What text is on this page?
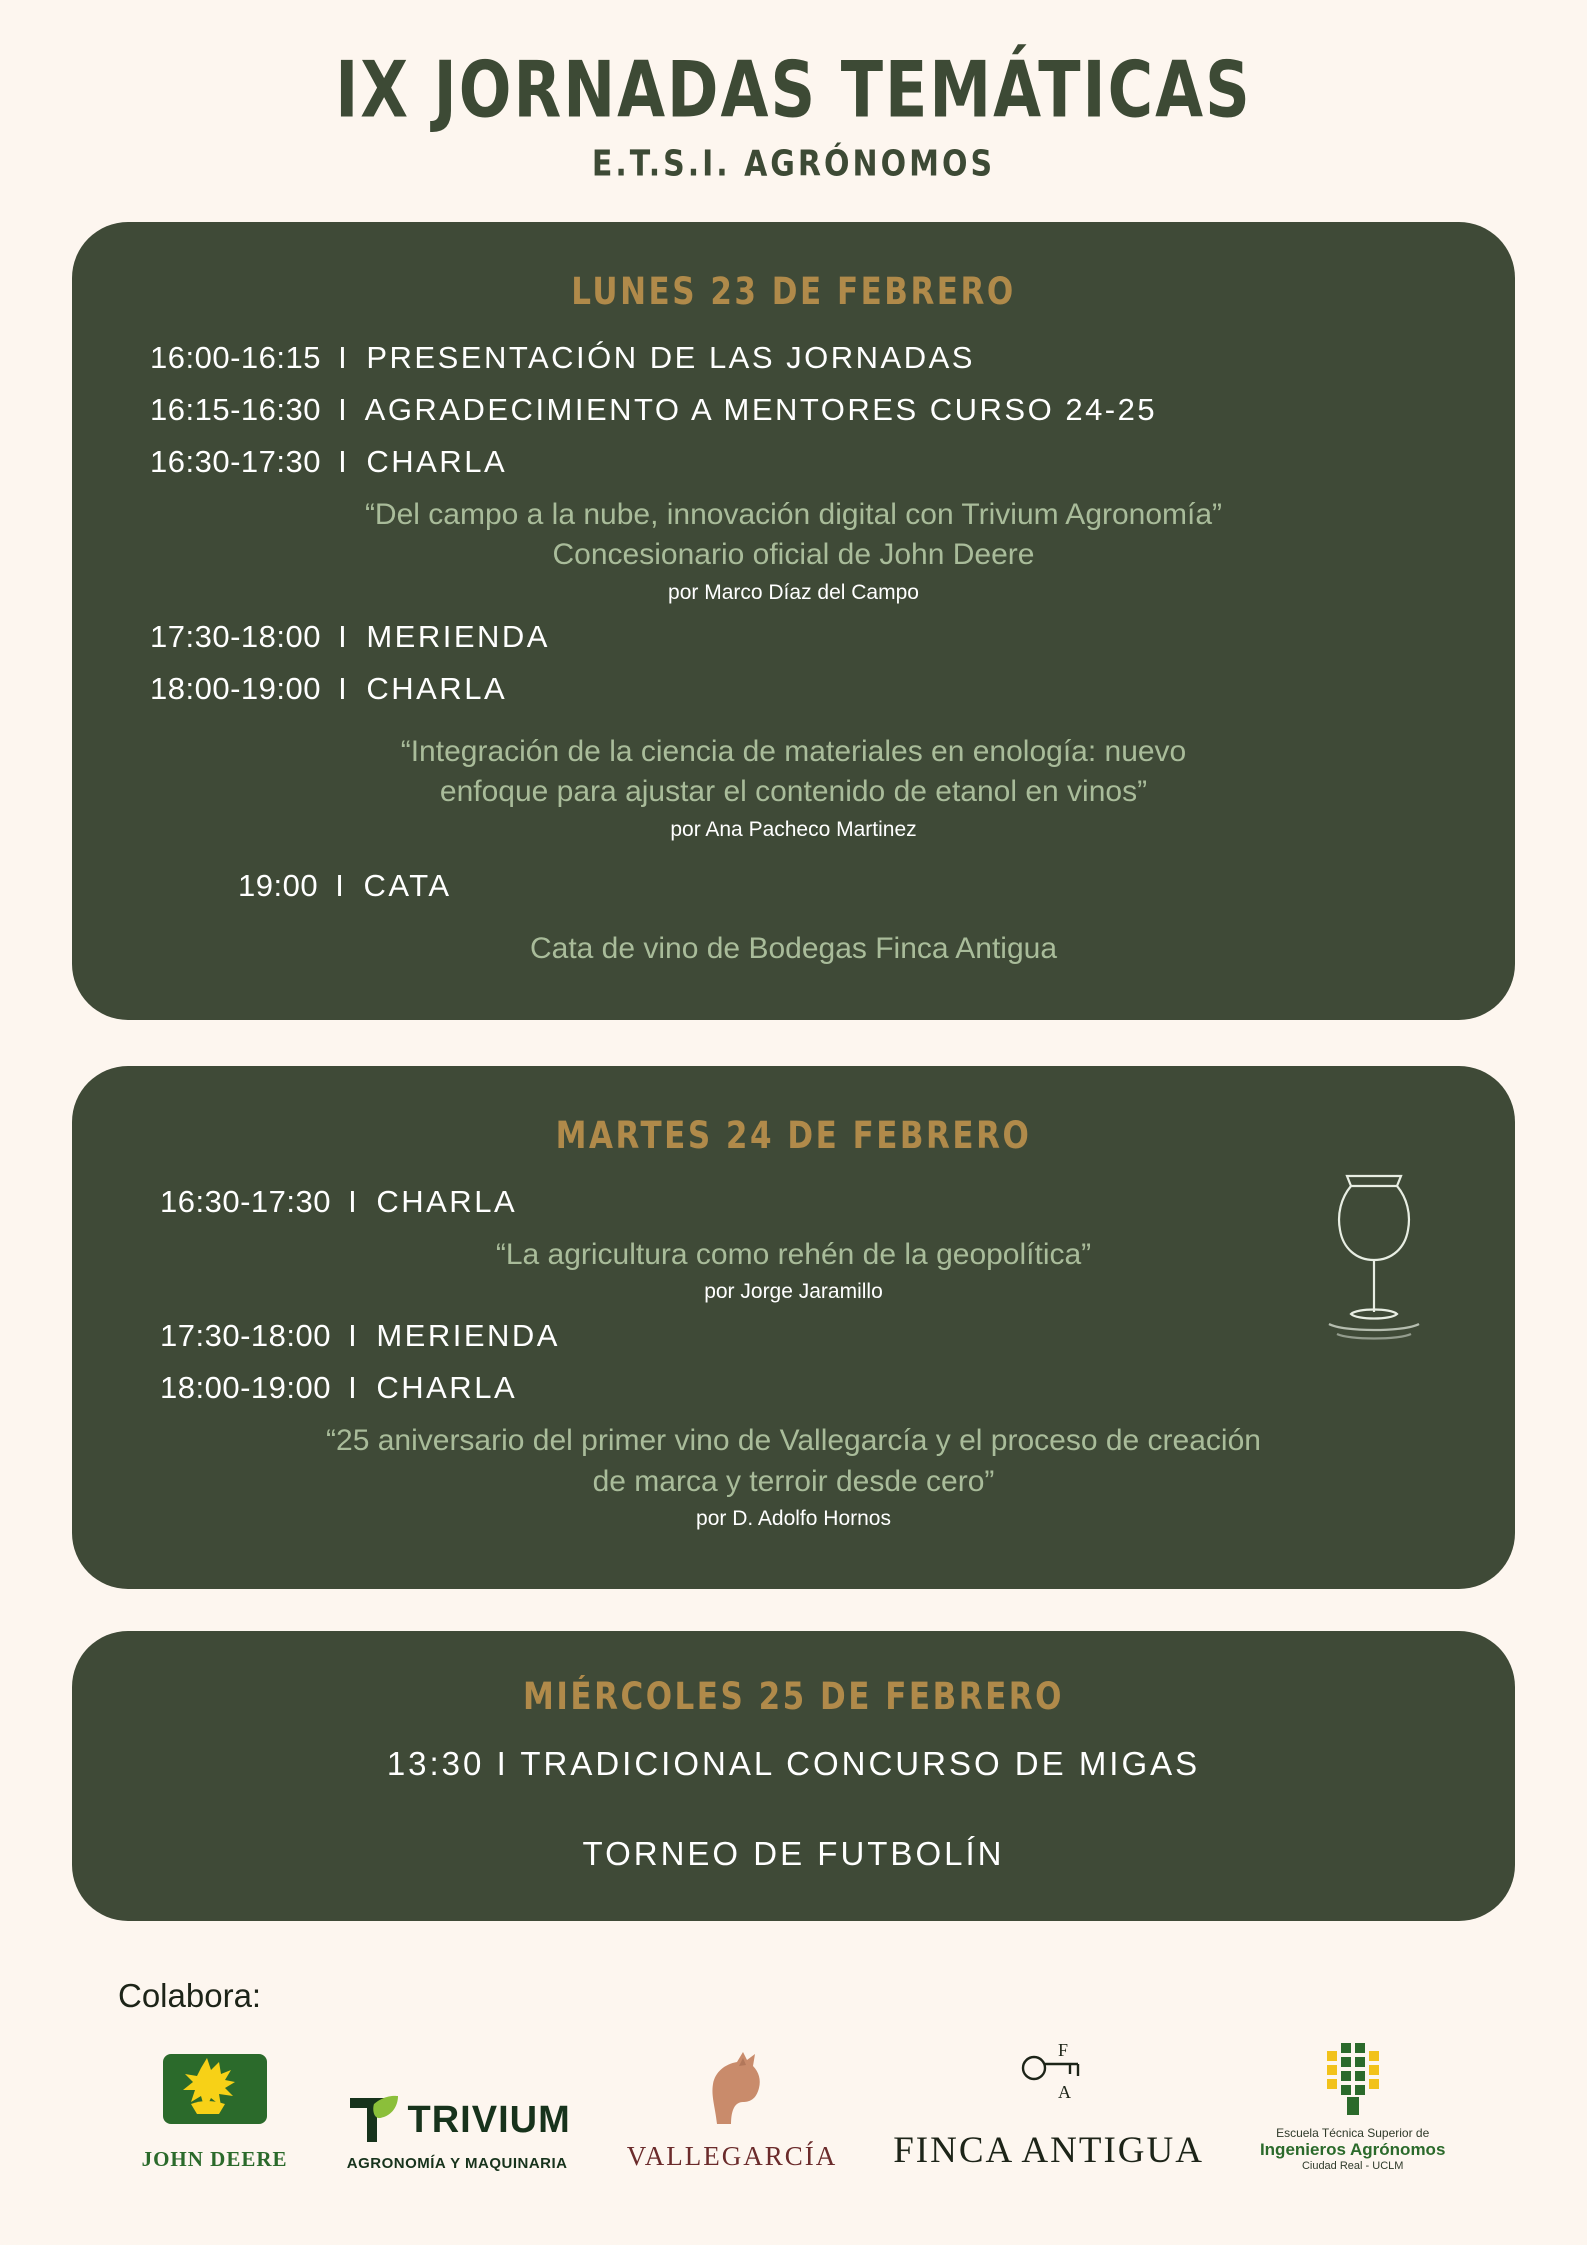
IX JORNADAS TEMÁTICAS
E.T.S.I. AGRÓNOMOS
LUNES 23 DE FEBRERO
16:00-16:15 I PRESENTACIÓN DE LAS JORNADAS
16:15-16:30 I AGRADECIMIENTO A MENTORES CURSO 24-25
16:30-17:30 I CHARLA
“Del campo a la nube, innovación digital con Trivium Agronomía”
Concesionario oficial de John Deere
por Marco Díaz del Campo
17:30-18:00 I MERIENDA
18:00-19:00 I CHARLA
“Integración de la ciencia de materiales en enología: nuevo
enfoque para ajustar el contenido de etanol en vinos”
por Ana Pacheco Martinez
19:00 I CATA
Cata de vino de Bodegas Finca Antigua
MARTES 24 DE FEBRERO
16:30-17:30 I CHARLA
“La agricultura como rehén de la geopolítica”
por Jorge Jaramillo
17:30-18:00 I MERIENDA
18:00-19:00 I CHARLA
“25 aniversario del primer vino de Vallegarcía y el proceso de creación
de marca y terroir desde cero”
por D. Adolfo Hornos
MIÉRCOLES 25 DE FEBRERO
13:30 I TRADICIONAL CONCURSO DE MIGAS
TORNEO DE FUTBOLÍN
Colabora:
JOHN DEERE
TRIVIUM
AGRONOMÍA Y MAQUINARIA VALLEGARCÍA
F
A
FINCA ANTIGUA	Escuela Técnica Superior de
Ingenieros Agrónomos
Ciudad Real - UCLM
